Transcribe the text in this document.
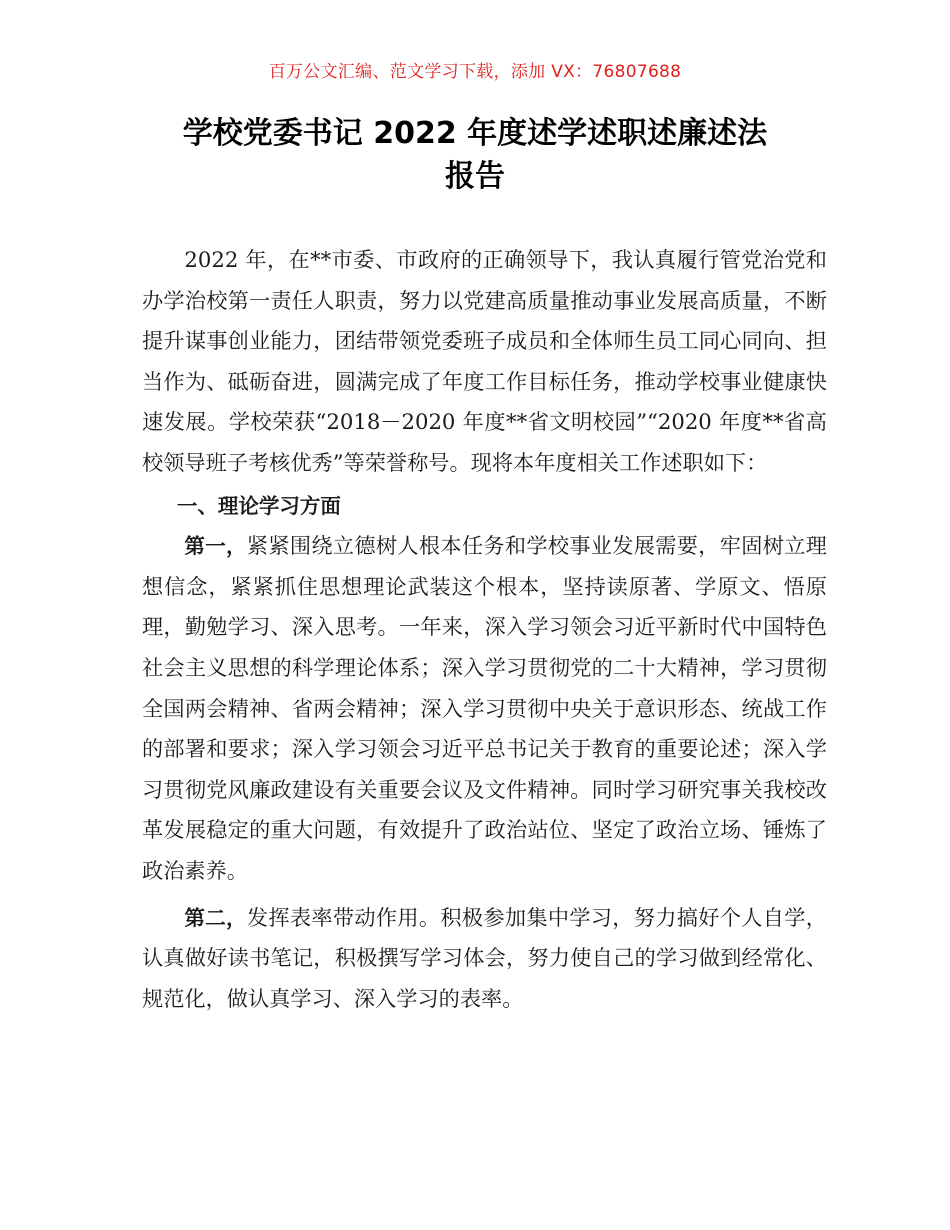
百万公文汇编、范文学习下载，添加 VX：76807688
学校党委书记 2022 年度述学述职述廉述法
报告

2022 年，在**市委、市政府的正确领导下，我认真履行管党治党和办学治校第一责任人职责，努力以党建高质量推动事业发展高质量，不断提升谋事创业能力，团结带领党委班子成员和全体师生员工同心同向、担当作为、砥砺奋进，圆满完成了年度工作目标任务，推动学校事业健康快速发展。学校荣获“2018－2020 年度**省文明校园”“2020 年度**省高校领导班子考核优秀”等荣誉称号。现将本年度相关工作述职如下：

一、理论学习方面

第一，紧紧围绕立德树人根本任务和学校事业发展需要，牢固树立理想信念，紧紧抓住思想理论武装这个根本，坚持读原著、学原文、悟原理，勤勉学习、深入思考。一年来，深入学习领会习近平新时代中国特色社会主义思想的科学理论体系；深入学习贯彻党的二十大精神，学习贯彻全国两会精神、省两会精神；深入学习贯彻中央关于意识形态、统战工作的部署和要求；深入学习领会习近平总书记关于教育的重要论述；深入学习贯彻党风廉政建设有关重要会议及文件精神。同时学习研究事关我校改革发展稳定的重大问题，有效提升了政治站位、坚定了政治立场、锤炼了政治素养。

第二，发挥表率带动作用。积极参加集中学习，努力搞好个人自学，认真做好读书笔记，积极撰写学习体会，努力使自己的学习做到经常化、规范化，做认真学习、深入学习的表率。
